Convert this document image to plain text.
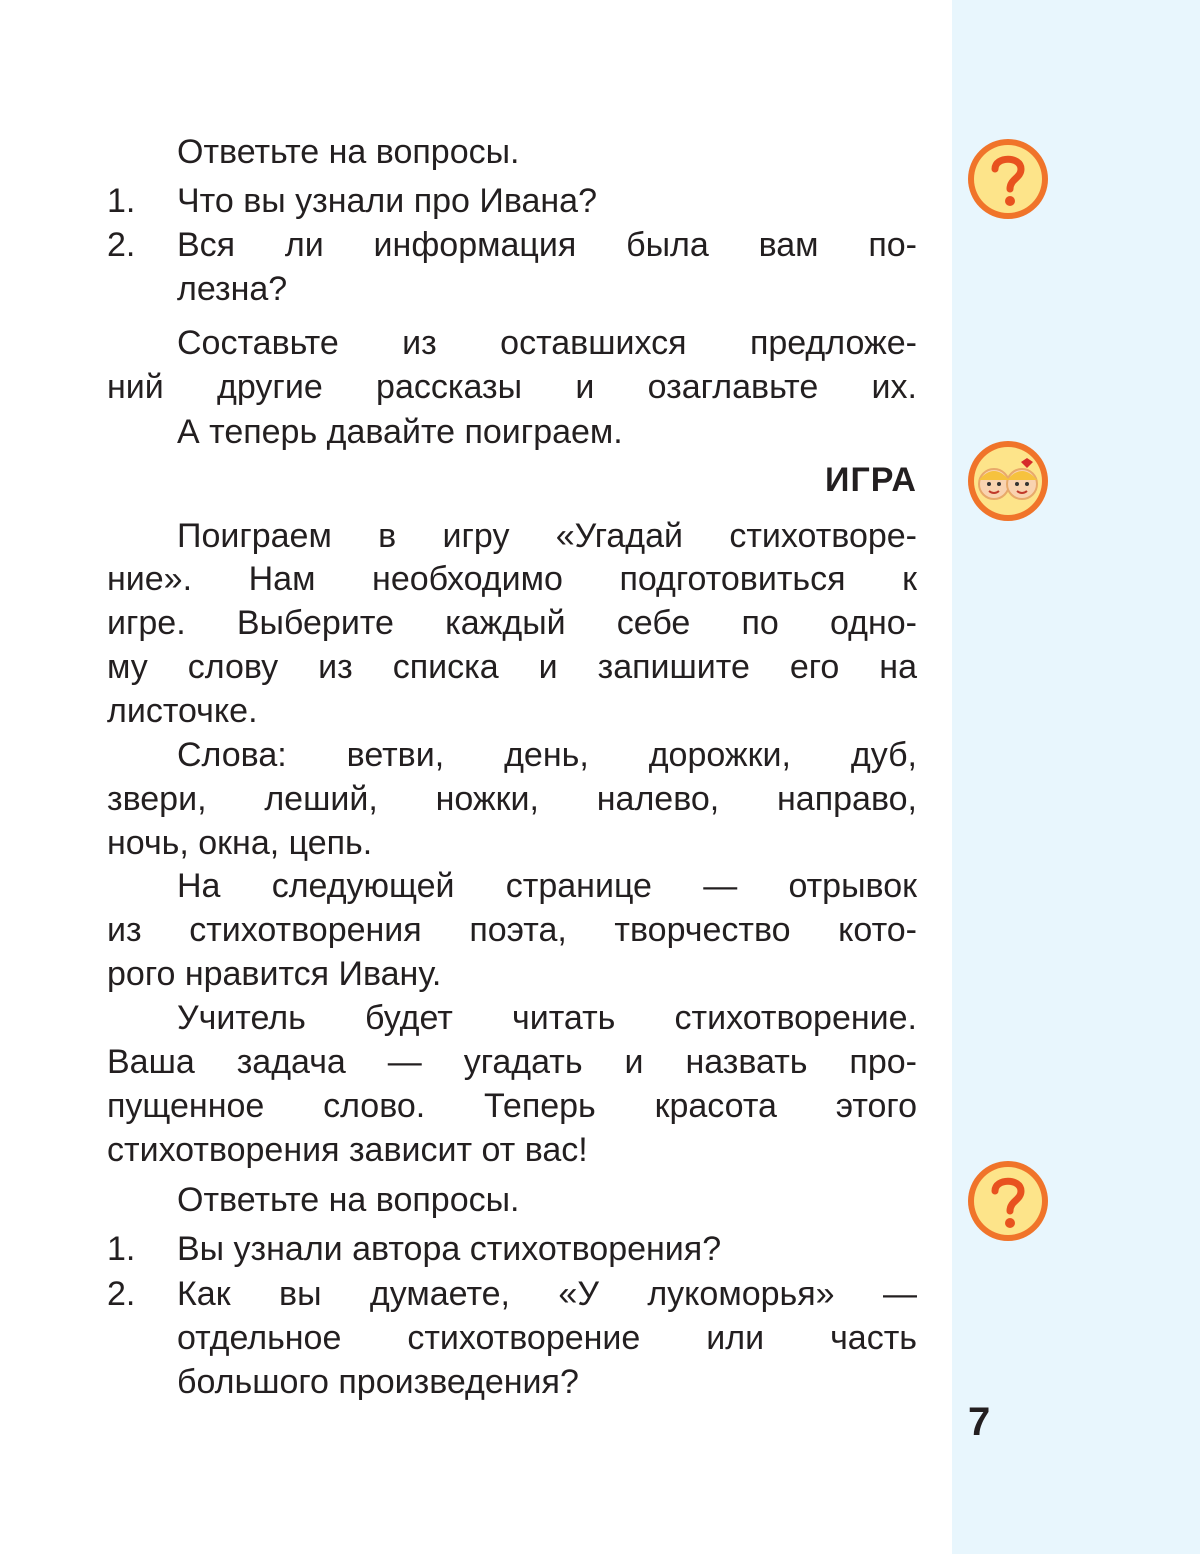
Ответьте на вопросы.
1.	Что вы узнали про Ивана?
2.	Вся ли информация была вам по-
лезна?
Составьте из оставшихся предложе-
ний другие рассказы и озаглавьте их.
А теперь давайте поиграем.
ИГРА
Поиграем в игру «Угадай стихотворе-
ние». Нам необходимо подготовиться к
игре. Выберите каждый себе по одно-
му слову из списка и запишите его на
листочке.
Слова: ветви, день, дорожки, дуб,
звери, леший, ножки, налево, направо,
ночь, окна, цепь.
На следующей странице — отрывок
из стихотворения поэта, творчество кото-
рого нравится Ивану.
Учитель будет читать стихотворение.
Ваша задача — угадать и назвать про-
пущенное слово. Теперь красота этого
стихотворения зависит от вас!
Ответьте на вопросы.
1.	Вы узнали автора стихотворения?
2.	Как вы думаете, «У лукоморья» —
отдельное стихотворение или часть
большого произведения?
7
